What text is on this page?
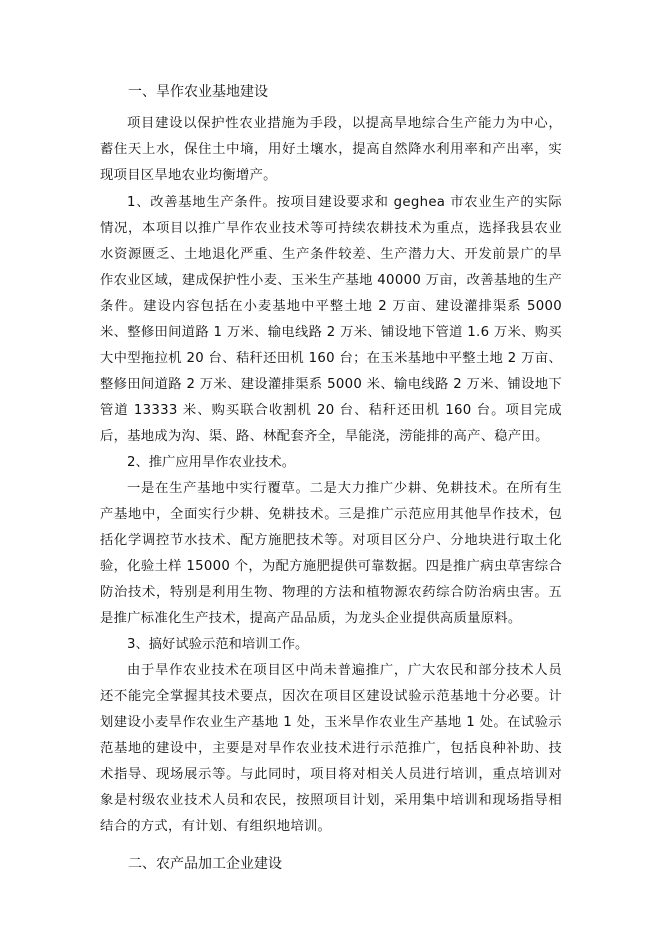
一、旱作农业基地建设

项目建设以保护性农业措施为手段，以提高旱地综合生产能力为中心，蓄住天上水，保住土中墒，用好土壤水，提高自然降水利用率和产出率，实现项目区旱地农业均衡增产。

1、改善基地生产条件。按项目建设要求和 geghea 市农业生产的实际情况，本项目以推广旱作农业技术等可持续农耕技术为重点，选择我县农业水资源匮乏、土地退化严重、生产条件较差、生产潜力大、开发前景广的旱作农业区域，建成保护性小麦、玉米生产基地 40000 万亩，改善基地的生产条件。建设内容包括在小麦基地中平整土地 2 万亩、建设灌排渠系 5000 米、整修田间道路 1 万米、输电线路 2 万米、铺设地下管道 1.6 万米、购买大中型拖拉机 20 台、秸秆还田机 160 台；在玉米基地中平整土地 2 万亩、整修田间道路 2 万米、建设灌排渠系 5000 米、输电线路 2 万米、铺设地下管道 13333 米、购买联合收割机 20 台、秸秆还田机 160 台。项目完成后，基地成为沟、渠、路、林配套齐全，旱能浇，涝能排的高产、稳产田。

2、推广应用旱作农业技术。

一是在生产基地中实行覆草。二是大力推广少耕、免耕技术。在所有生产基地中，全面实行少耕、免耕技术。三是推广示范应用其他旱作技术，包括化学调控节水技术、配方施肥技术等。对项目区分户、分地块进行取土化验，化验土样 15000 个，为配方施肥提供可靠数据。四是推广病虫草害综合防治技术，特别是利用生物、物理的方法和植物源农药综合防治病虫害。五是推广标准化生产技术，提高产品品质，为龙头企业提供高质量原料。

3、搞好试验示范和培训工作。

由于旱作农业技术在项目区中尚未普遍推广，广大农民和部分技术人员还不能完全掌握其技术要点，因次在项目区建设试验示范基地十分必要。计划建设小麦旱作农业生产基地 1 处，玉米旱作农业生产基地 1 处。在试验示范基地的建设中，主要是对旱作农业技术进行示范推广，包括良种补助、技术指导、现场展示等。与此同时，项目将对相关人员进行培训，重点培训对象是村级农业技术人员和农民，按照项目计划，采用集中培训和现场指导相结合的方式，有计划、有组织地培训。

二、农产品加工企业建设
